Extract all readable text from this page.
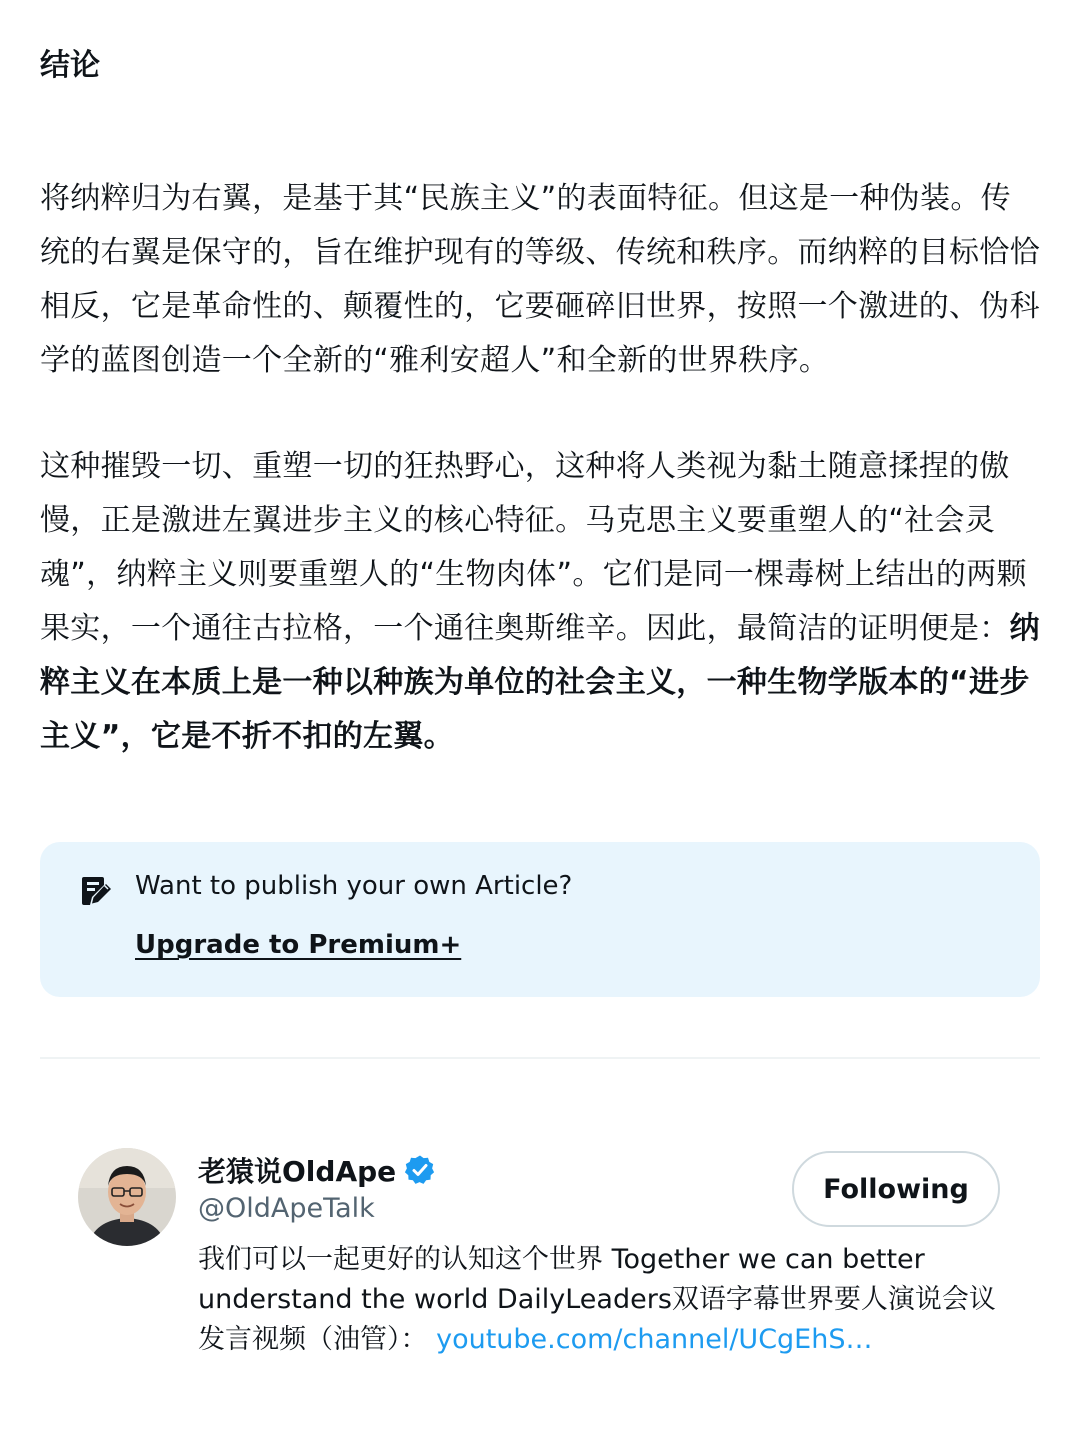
结论

将纳粹归为右翼，是基于其“民族主义”的表面特征。但这是一种伪装。传统的右翼是保守的，旨在维护现有的等级、传统和秩序。而纳粹的目标恰恰相反，它是革命性的、颠覆性的，它要砸碎旧世界，按照一个激进的、伪科学的蓝图创造一个全新的“雅利安超人”和全新的世界秩序。

这种摧毁一切、重塑一切的狂热野心，这种将人类视为黏土随意揉捏的傲慢，正是激进左翼进步主义的核心特征。马克思主义要重塑人的“社会灵魂”，纳粹主义则要重塑人的“生物肉体”。它们是同一棵毒树上结出的两颗果实，一个通往古拉格，一个通往奥斯维辛。因此，最简洁的证明便是：纳粹主义在本质上是一种以种族为单位的社会主义，一种生物学版本的“进步主义”，它是不折不扣的左翼。

Want to publish your own Article?
Upgrade to Premium+
老猿说OldApe
@OldApeTalk
Following
我们可以一起更好的认知这个世界 Together we can better understand the world DailyLeaders双语字幕世界要人演说会议发言视频（油管）： youtube.com/channel/UCgEhS…
